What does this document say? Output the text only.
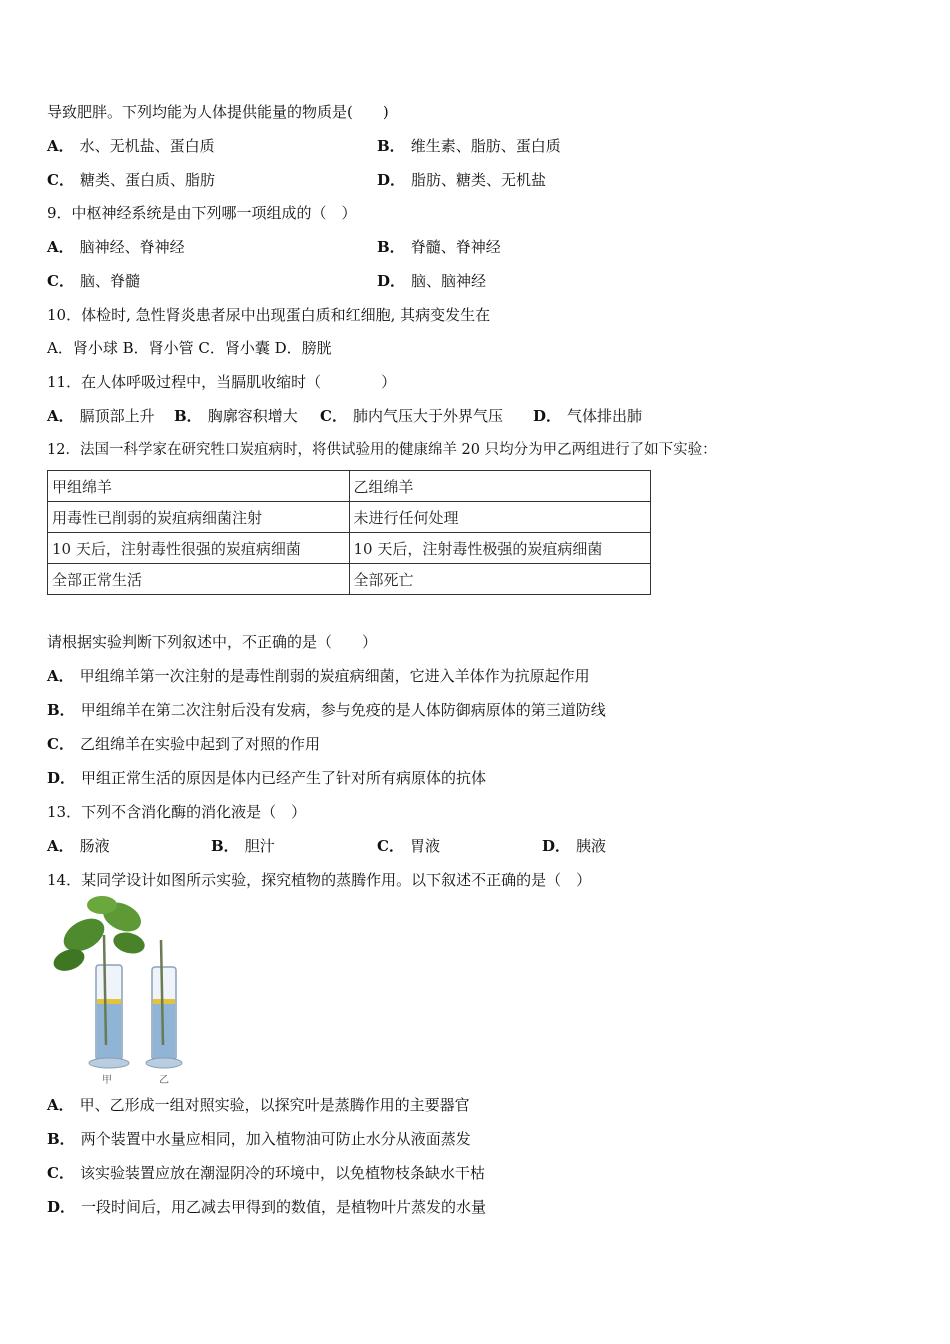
导致肥胖。下列均能为人体提供能量的物质是(　　)
A． 水、无机盐、蛋白质	B． 维生素、脂肪、蛋白质
C． 糖类、蛋白质、脂肪	D． 脂肪、糖类、无机盐
9．中枢神经系统是由下列哪一项组成的（　）
A． 脑神经、脊神经	B． 脊髓、脊神经
C． 脑、脊髓	D． 脑、脑神经
10．体检时, 急性肾炎患者尿中出现蛋白质和红细胞, 其病变发生在
A．肾小球 B．肾小管 C．肾小囊 D．膀胱
11．在人体呼吸过程中，当膈肌收缩时（　　　　）
A． 膈顶部上升 B． 胸廓容积增大 C． 肺内气压大于外界气压 D． 气体排出肺
12．法国一科学家在研究牲口炭疽病时，将供试验用的健康绵羊 20 只均分为甲乙两组进行了如下实验：
甲组绵羊	乙组绵羊
用毒性已削弱的炭疽病细菌注射	未进行任何处理
10 天后，注射毒性很强的炭疽病细菌	10 天后，注射毒性极强的炭疽病细菌
全部正常生活	全部死亡
请根据实验判断下列叙述中，不正确的是（　　）
A． 甲组绵羊第一次注射的是毒性削弱的炭疽病细菌，它进入羊体作为抗原起作用
B． 甲组绵羊在第二次注射后没有发病，参与免疫的是人体防御病原体的第三道防线
C． 乙组绵羊在实验中起到了对照的作用
D． 甲组正常生活的原因是体内已经产生了针对所有病原体的抗体
13．下列不含消化酶的消化液是（　）
A． 肠液	B． 胆汁	C． 胃液	D． 胰液
14．某同学设计如图所示实验，探究植物的蒸腾作用。以下叙述不正确的是（　）
甲	乙
A． 甲、乙形成一组对照实验，以探究叶是蒸腾作用的主要器官
B． 两个装置中水量应相同，加入植物油可防止水分从液面蒸发
C． 该实验装置应放在潮湿阴冷的环境中，以免植物枝条缺水干枯
D． 一段时间后，用乙减去甲得到的数值，是植物叶片蒸发的水量
